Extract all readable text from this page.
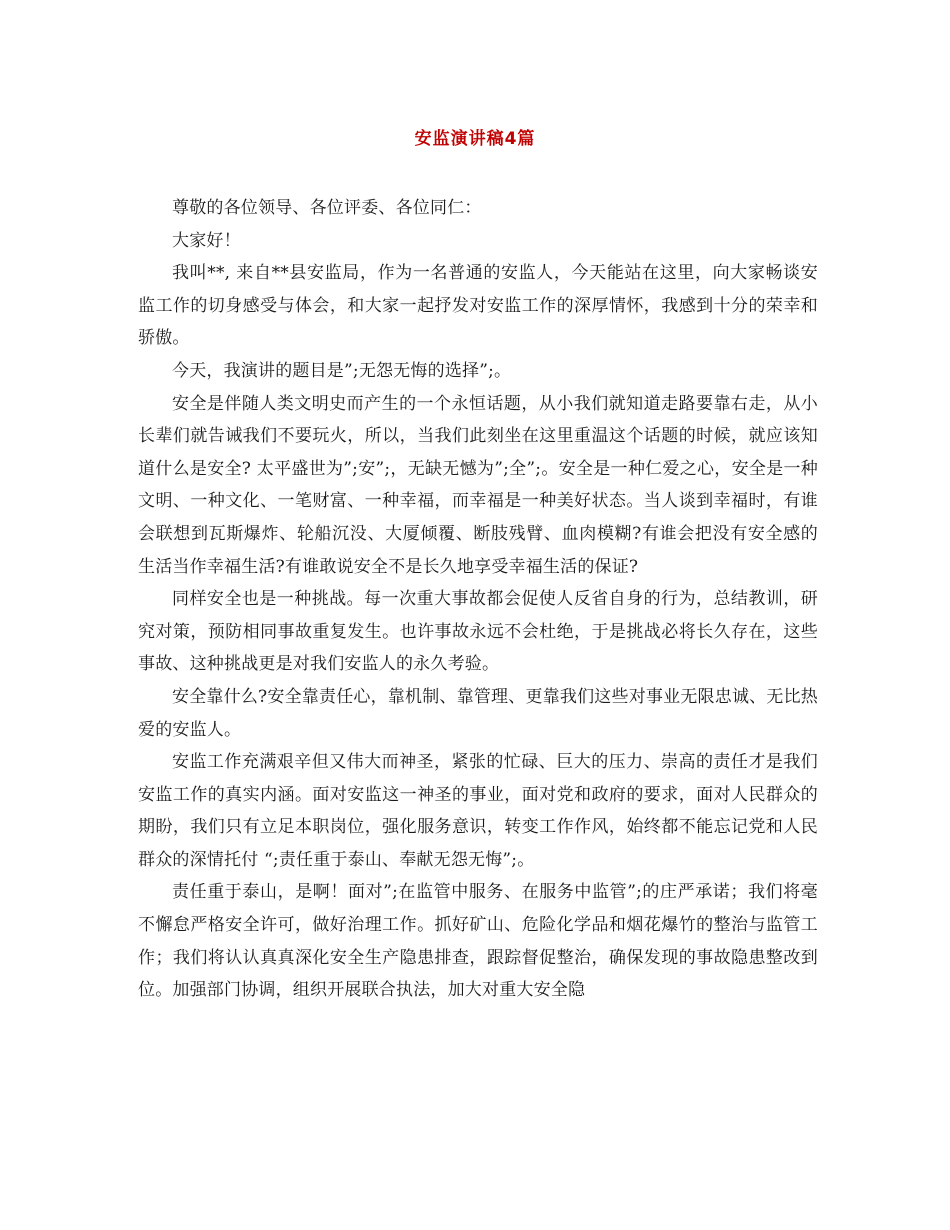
安监演讲稿4篇

尊敬的各位领导、各位评委、各位同仁：

大家好！

我叫**, 来自**县安监局，作为一名普通的安监人，今天能站在这里，向大家畅谈安监工作的切身感受与体会，和大家一起抒发对安监工作的深厚情怀，我感到十分的荣幸和骄傲。

今天，我演讲的题目是”;无怨无悔的选择”;。

安全是伴随人类文明史而产生的一个永恒话题，从小我们就知道走路要靠右走，从小长辈们就告诫我们不要玩火，所以，当我们此刻坐在这里重温这个话题的时候，就应该知道什么是安全? 太平盛世为”;安”;，无缺无憾为”;全”;。安全是一种仁爱之心，安全是一种文明、一种文化、一笔财富、一种幸福，而幸福是一种美好状态。当人谈到幸福时，有谁会联想到瓦斯爆炸、轮船沉没、大厦倾覆、断肢残臂、血肉模糊?有谁会把没有安全感的生活当作幸福生活?有谁敢说安全不是长久地享受幸福生活的保证?

同样安全也是一种挑战。每一次重大事故都会促使人反省自身的行为，总结教训，研究对策，预防相同事故重复发生。也许事故永远不会杜绝，于是挑战必将长久存在，这些事故、这种挑战更是对我们安监人的永久考验。

安全靠什么?安全靠责任心，靠机制、靠管理、更靠我们这些对事业无限忠诚、无比热爱的安监人。

安监工作充满艰辛但又伟大而神圣，紧张的忙碌、巨大的压力、崇高的责任才是我们安监工作的真实内涵。面对安监这一神圣的事业，面对党和政府的要求，面对人民群众的期盼，我们只有立足本职岗位，强化服务意识，转变工作作风，始终都不能忘记党和人民群众的深情托付 “;责任重于泰山、奉献无怨无悔”;。

责任重于泰山，是啊！面对”;在监管中服务、在服务中监管”;的庄严承诺；我们将毫不懈怠严格安全许可，做好治理工作。抓好矿山、危险化学品和烟花爆竹的整治与监管工作；我们将认认真真深化安全生产隐患排查，跟踪督促整治，确保发现的事故隐患整改到位。加强部门协调，组织开展联合执法，加大对重大安全隐
